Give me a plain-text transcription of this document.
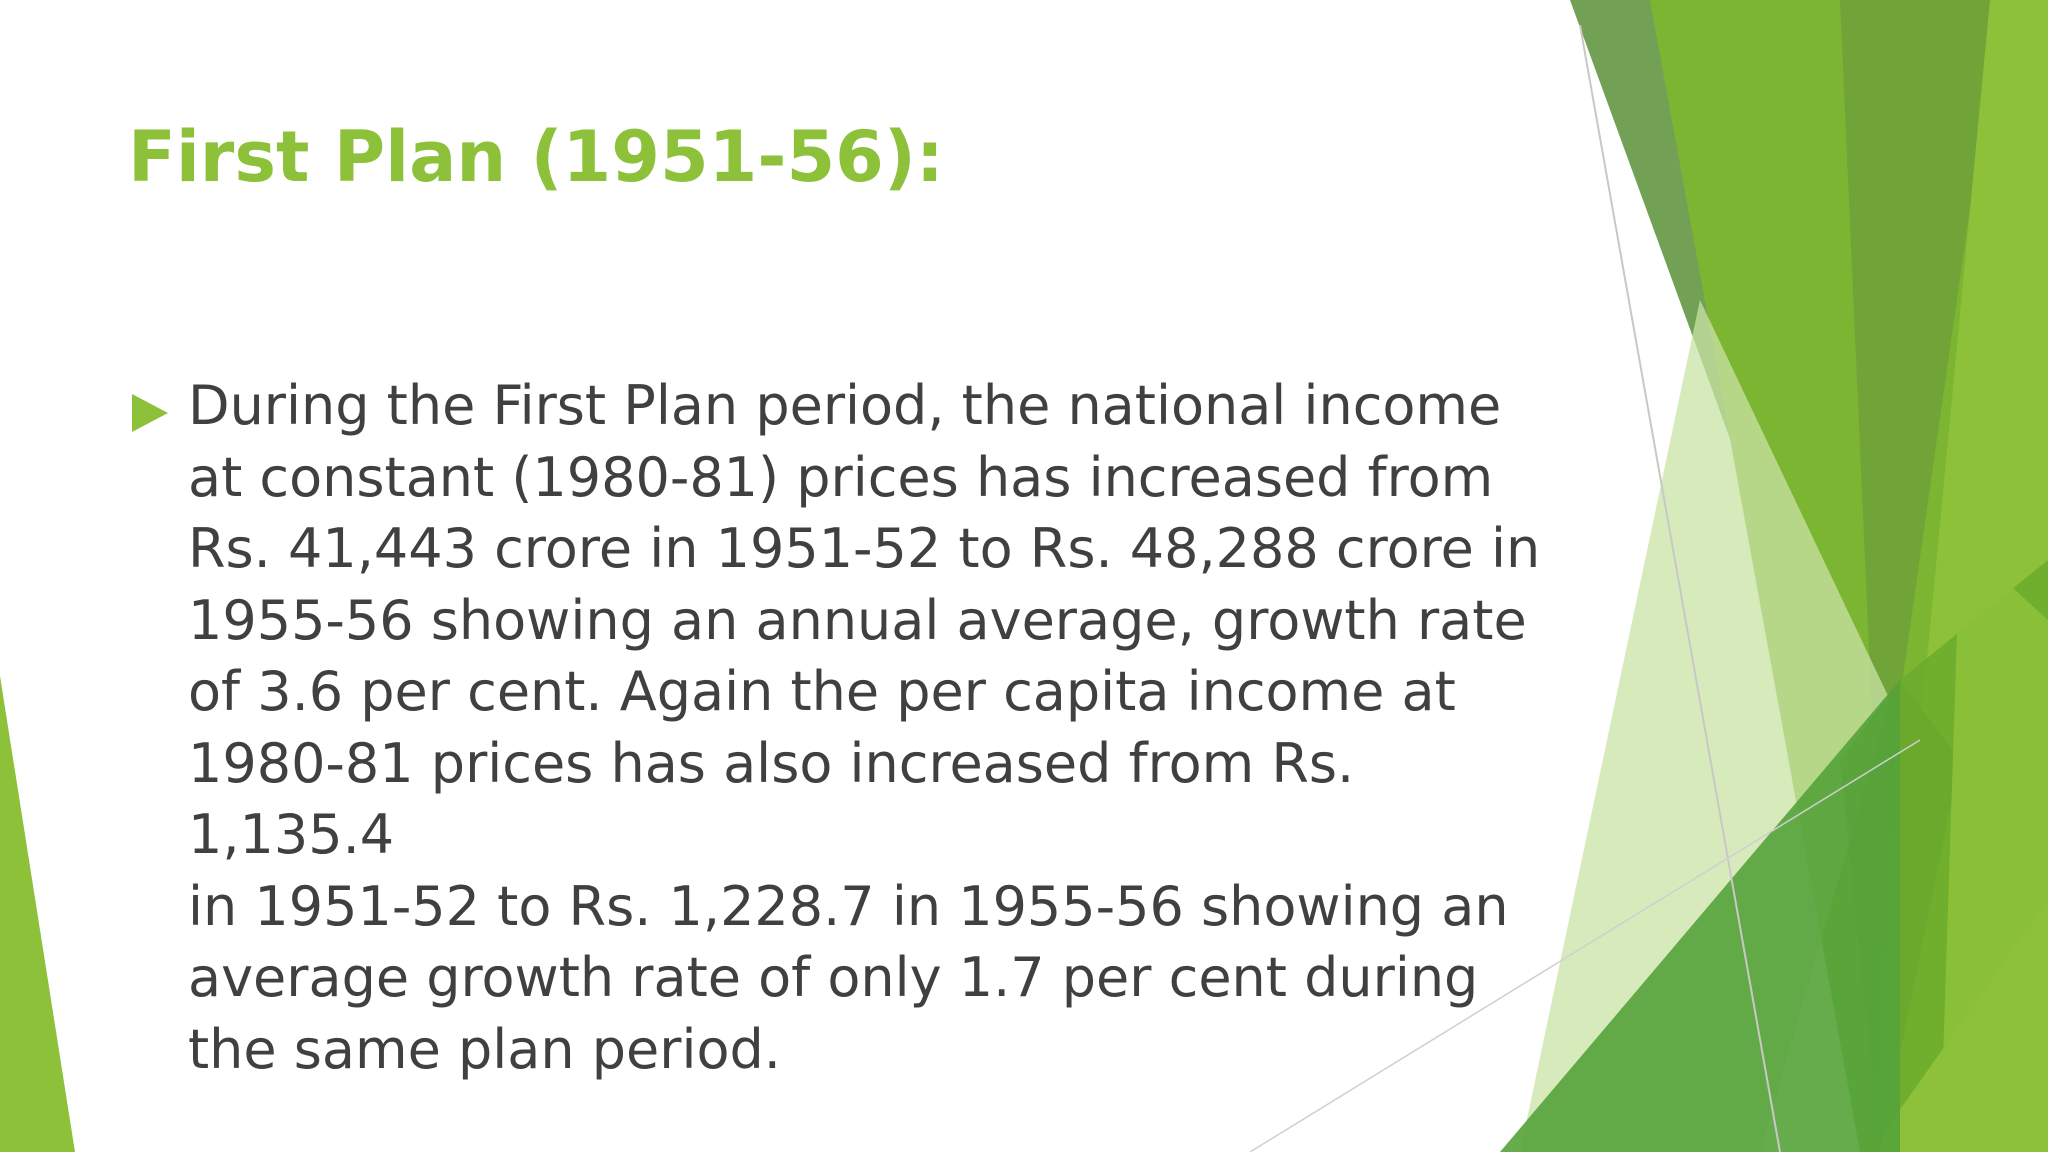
First Plan (1951-56):

During the First Plan period, the national income
at constant (1980-81) prices has increased from
Rs. 41,443 crore in 1951-52 to Rs. 48,288 crore in
1955-56 showing an annual average, growth rate
of 3.6 per cent. Again the per capita income at
1980-81 prices has also increased from Rs. 1,135.4
in 1951-52 to Rs. 1,228.7 in 1955-56 showing an
average growth rate of only 1.7 per cent during
the same plan period.
